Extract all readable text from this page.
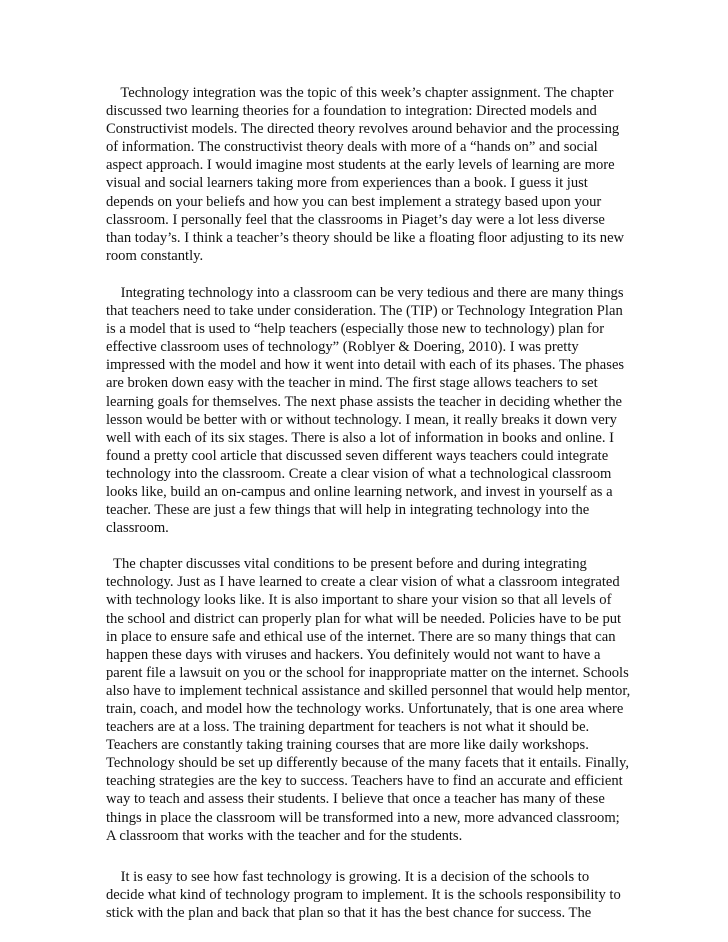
Technology integration was the topic of this week’s chapter assignment. The chapter
discussed two learning theories for a foundation to integration: Directed models and
Constructivist models. The directed theory revolves around behavior and the processing
of information. The constructivist theory deals with more of a “hands on” and social
aspect approach. I would imagine most students at the early levels of learning are more
visual and social learners taking more from experiences than a book. I guess it just
depends on your beliefs and how you can best implement a strategy based upon your
classroom. I personally feel that the classrooms in Piaget’s day were a lot less diverse
than today’s. I think a teacher’s theory should be like a floating floor adjusting to its new
room constantly.

Integrating technology into a classroom can be very tedious and there are many things
that teachers need to take under consideration. The (TIP) or Technology Integration Plan
is a model that is used to “help teachers (especially those new to technology) plan for
effective classroom uses of technology” (Roblyer & Doering, 2010). I was pretty
impressed with the model and how it went into detail with each of its phases. The phases
are broken down easy with the teacher in mind. The first stage allows teachers to set
learning goals for themselves. The next phase assists the teacher in deciding whether the
lesson would be better with or without technology. I mean, it really breaks it down very
well with each of its six stages. There is also a lot of information in books and online. I
found a pretty cool article that discussed seven different ways teachers could integrate
technology into the classroom. Create a clear vision of what a technological classroom
looks like, build an on-campus and online learning network, and invest in yourself as a
teacher. These are just a few things that will help in integrating technology into the
classroom.

The chapter discusses vital conditions to be present before and during integrating
technology. Just as I have learned to create a clear vision of what a classroom integrated
with technology looks like. It is also important to share your vision so that all levels of
the school and district can properly plan for what will be needed. Policies have to be put
in place to ensure safe and ethical use of the internet. There are so many things that can
happen these days with viruses and hackers. You definitely would not want to have a
parent file a lawsuit on you or the school for inappropriate matter on the internet. Schools
also have to implement technical assistance and skilled personnel that would help mentor,
train, coach, and model how the technology works. Unfortunately, that is one area where
teachers are at a loss. The training department for teachers is not what it should be.
Teachers are constantly taking training courses that are more like daily workshops.
Technology should be set up differently because of the many facets that it entails. Finally,
teaching strategies are the key to success. Teachers have to find an accurate and efficient
way to teach and assess their students. I believe that once a teacher has many of these
things in place the classroom will be transformed into a new, more advanced classroom;
A classroom that works with the teacher and for the students.

It is easy to see how fast technology is growing. It is a decision of the schools to
decide what kind of technology program to implement. It is the schools responsibility to
stick with the plan and back that plan so that it has the best chance for success. The
